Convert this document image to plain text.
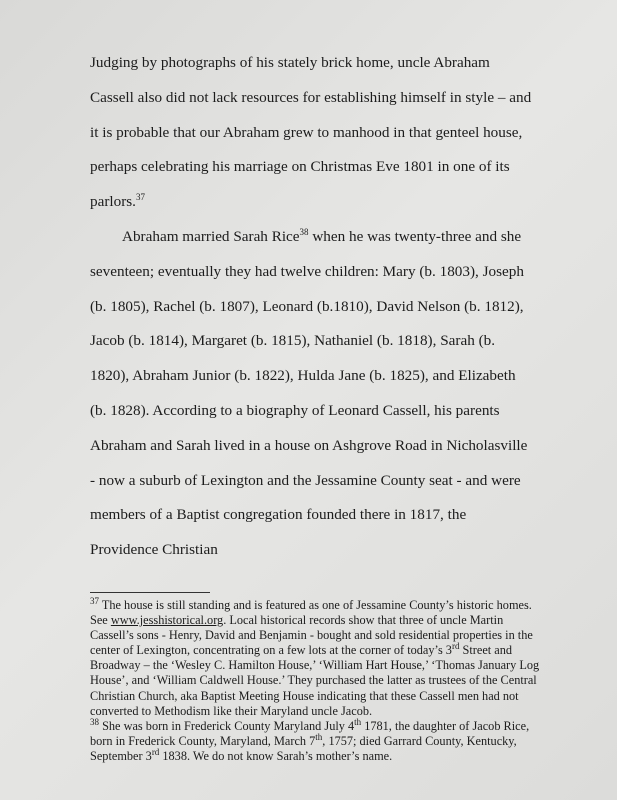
Judging by photographs of his stately brick home, uncle Abraham Cassell also did not lack resources for establishing himself in style – and it is probable that our Abraham grew to manhood in that genteel house, perhaps celebrating his marriage on Christmas Eve 1801 in one of its parlors.$^{37}$

Abraham married Sarah Rice$^{38}$ when he was twenty-three and she seventeen; eventually they had twelve children: Mary (b. 1803), Joseph (b. 1805), Rachel (b. 1807), Leonard (b.1810), David Nelson (b. 1812), Jacob (b. 1814), Margaret (b. 1815), Nathaniel (b. 1818), Sarah (b. 1820), Abraham Junior (b. 1822), Hulda Jane (b. 1825), and Elizabeth (b. 1828). According to a biography of Leonard Cassell, his parents Abraham and Sarah lived in a house on Ashgrove Road in Nicholasville - now a suburb of Lexington and the Jessamine County seat - and were members of a Baptist congregation founded there in 1817, the Providence Christian

$^{37}$ The house is still standing and is featured as one of Jessamine County’s historic homes. See www.jesshistorical.org. Local historical records show that three of uncle Martin Cassell’s sons - Henry, David and Benjamin - bought and sold residential properties in the center of Lexington, concentrating on a few lots at the corner of today’s 3rd Street and Broadway – the ‘Wesley C. Hamilton House,’ ‘William Hart House,’ ‘Thomas January Log House’, and ‘William Caldwell House.’ They purchased the latter as trustees of the Central Christian Church, aka Baptist Meeting House indicating that these Cassell men had not converted to Methodism like their Maryland uncle Jacob.

$^{38}$ She was born in Frederick County Maryland July 4th 1781, the daughter of Jacob Rice, born in Frederick County, Maryland, March 7th, 1757; died Garrard County, Kentucky, September 3rd 1838. We do not know Sarah’s mother’s name.
